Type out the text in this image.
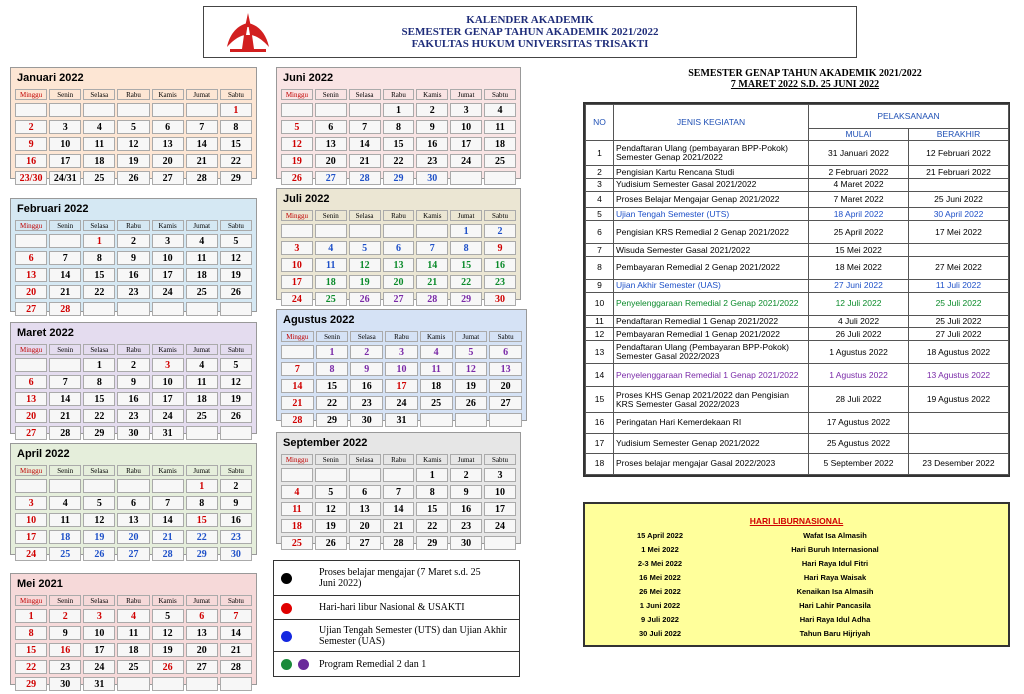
KALENDER AKADEMIK
SEMESTER GENAP TAHUN AKADEMIK 2021/2022
FAKULTAS HUKUM UNIVERSITAS TRISAKTI
Januari 2022
Minggu	Senin	Selasa	Rabu	Kamis	Jumat	Sabtu
						1
2	3	4	5	6	7	8
9	10	11	12	13	14	15
16	17	18	19	20	21	22
23/30	24/31	25	26	27	28	29
Februari 2022
Minggu	Senin	Selasa	Rabu	Kamis	Jumat	Sabtu
		1	2	3	4	5
6	7	8	9	10	11	12
13	14	15	16	17	18	19
20	21	22	23	24	25	26
27	28					
Maret 2022
Minggu	Senin	Selasa	Rabu	Kamis	Jumat	Sabtu
		1	2	3	4	5
6	7	8	9	10	11	12
13	14	15	16	17	18	19
20	21	22	23	24	25	26
27	28	29	30	31		
April 2022
Minggu	Senin	Selasa	Rabu	Kamis	Jumat	Sabtu
					1	2
3	4	5	6	7	8	9
10	11	12	13	14	15	16
17	18	19	20	21	22	23
24	25	26	27	28	29	30
Mei 2021
Minggu	Senin	Selasa	Rabu	Kamis	Jumat	Sabtu
1	2	3	4	5	6	7
8	9	10	11	12	13	14
15	16	17	18	19	20	21
22	23	24	25	26	27	28
29	30	31				
Juni 2022
Minggu	Senin	Selasa	Rabu	Kamis	Jumat	Sabtu
			1	2	3	4
5	6	7	8	9	10	11
12	13	14	15	16	17	18
19	20	21	22	23	24	25
26	27	28	29	30		
Juli 2022
Minggu	Senin	Selasa	Rabu	Kamis	Jumat	Sabtu
					1	2
3	4	5	6	7	8	9
10	11	12	13	14	15	16
17	18	19	20	21	22	23
24	25	26	27	28	29	30
Agustus 2022
Minggu	Senin	Selasa	Rabu	Kamis	Jumat	Sabtu
	1	2	3	4	5	6
7	8	9	10	11	12	13
14	15	16	17	18	19	20
21	22	23	24	25	26	27
28	29	30	31			
September 2022
Minggu	Senin	Selasa	Rabu	Kamis	Jumat	Sabtu
				1	2	3
4	5	6	7	8	9	10
11	12	13	14	15	16	17
18	19	20	21	22	23	24
25	26	27	28	29	30	
Proses belajar mengajar (7 Maret s.d. 25 Juni 2022)
Hari-hari libur Nasional & USAKTI
Ujian Tengah Semester (UTS) dan Ujian Akhir Semester (UAS)
Program Remedial 2 dan 1
SEMESTER GENAP TAHUN AKADEMIK 2021/2022
7 MARET 2022 S.D. 25 JUNI 2022
NO	JENIS KEGIATAN	PELAKSANAAN	
		MULAI	BERAKHIR
1	Pendaftaran Ulang (pembayaran BPP-Pokok) Semester Genap 2021/2022	31 Januari 2022	12 Februari 2022
2	Pengisian Kartu Rencana Studi	2 Februari 2022	21 Februari 2022
3	Yudisium Semester Gasal 2021/2022	4 Maret 2022	
4	Proses Belajar Mengajar Genap 2021/2022	7 Maret 2022	25 Juni 2022
5	Ujian Tengah Semester (UTS)	18 April 2022	30 April 2022
6	Pengisian KRS Remedial 2 Genap 2021/2022	25 April 2022	17 Mei 2022
7	Wisuda Semester Gasal 2021/2022	15 Mei 2022	
8	Pembayaran Remedial 2 Genap 2021/2022	18 Mei 2022	27 Mei 2022
9	Ujian Akhir Semester (UAS)	27 Juni 2022	11 Juli 2022
10	Penyelenggaraan Remedial 2 Genap 2021/2022	12 Juli 2022	25 Juli 2022
11	Pendaftaran Remedial 1 Genap 2021/2022	4 Juli 2022	25 Juli 2022
12	Pembayaran Remedial 1 Genap 2021/2022	26 Juli 2022	27 Juli 2022
13	Pendaftaran Ulang (Pembayaran BPP-Pokok) Semester Gasal 2022/2023	1 Agustus 2022	18 Agustus 2022
14	Penyelenggaraan Remedial 1 Genap 2021/2022	1 Agustus 2022	13 Agustus 2022
15	Proses KHS Genap 2021/2022 dan Pengisian KRS Semester Gasal 2022/2023	28 Juli 2022	19 Agustus 2022
16	Peringatan Hari Kemerdekaan RI	17 Agustus 2022	
17	Yudisium Semester Genap 2021/2022	25 Agustus 2022	
18	Proses belajar mengajar Gasal 2022/2023	5 September 2022	23 Desember 2022
HARI LIBURNASIONAL
15 April 2022	Wafat Isa Almasih
1 Mei 2022	Hari Buruh Internasional
2-3 Mei 2022	Hari Raya Idul Fitri
16 Mei 2022	Hari Raya Waisak
26 Mei 2022	Kenaikan Isa Almasih
1 Juni 2022	Hari Lahir Pancasila
9 Juli 2022	Hari Raya Idul Adha
30 Juli 2022	Tahun Baru Hijriyah
